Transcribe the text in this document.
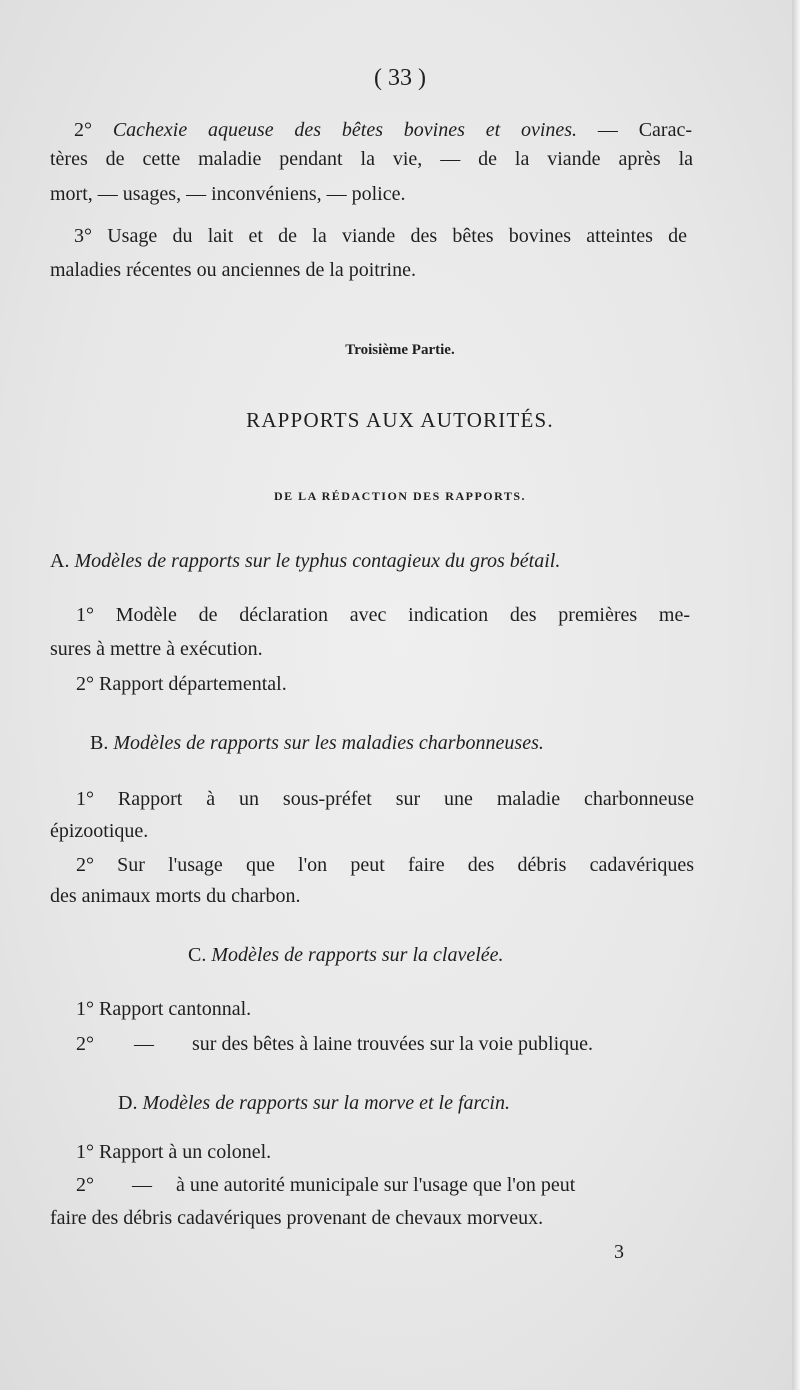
( 33 )
2° Cachexie aqueuse des bêtes bovines et ovines. — Carac-
tères de cette maladie pendant la vie, — de la viande après la
mort, — usages, — inconvéniens, — police.
3° Usage du lait et de la viande des bêtes bovines atteintes de
maladies récentes ou anciennes de la poitrine.
Troisième Partie.
RAPPORTS AUX AUTORITÉS.
DE LA RÉDACTION DES RAPPORTS.
A. Modèles de rapports sur le typhus contagieux du gros bétail.
1° Modèle de déclaration avec indication des premières me-
sures à mettre à exécution.
2° Rapport départemental.
B. Modèles de rapports sur les maladies charbonneuses.
1° Rapport à un sous-préfet sur une maladie charbonneuse
épizootique.
2° Sur l'usage que l'on peut faire des débris cadavériques
des animaux morts du charbon.
C. Modèles de rapports sur la clavelée.
1° Rapport cantonnal.
2° — sur des bêtes à laine trouvées sur la voie publique.
D. Modèles de rapports sur la morve et le farcin.
1° Rapport à un colonel.
2° — à une autorité municipale sur l'usage que l'on peut
faire des débris cadavériques provenant de chevaux morveux.
3
